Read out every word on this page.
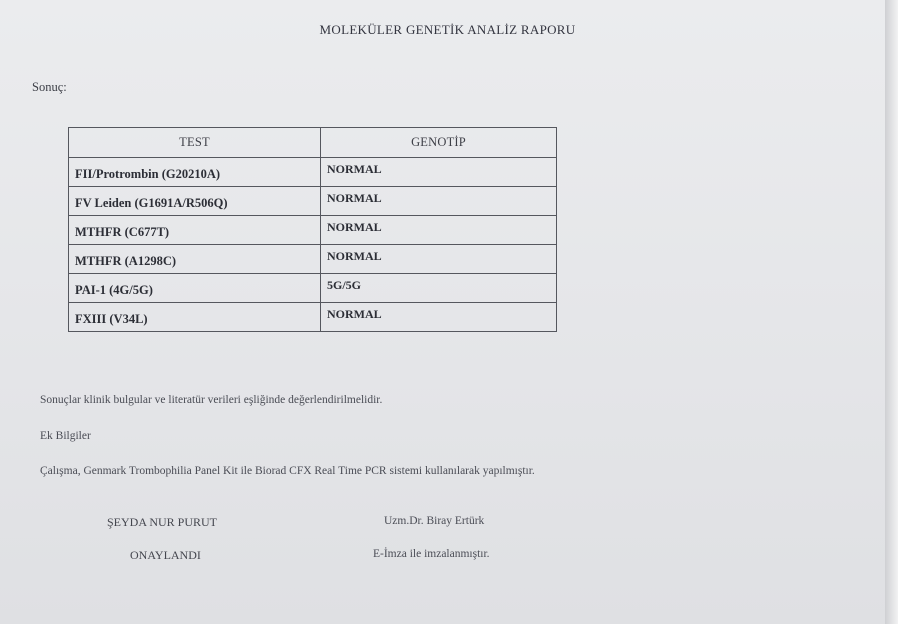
MOLEKÜLER GENETİK ANALİZ RAPORU
Sonuç:
TEST	GENOTİP
FII/Protrombin (G20210A)	NORMAL
FV Leiden (G1691A/R506Q)	NORMAL
MTHFR (C677T)	NORMAL
MTHFR (A1298C)	NORMAL
PAI-1 (4G/5G)	5G/5G
FXIII (V34L)	NORMAL
Sonuçlar klinik bulgular ve literatür verileri eşliğinde değerlendirilmelidir.
Ek Bilgiler
Çalışma, Genmark Trombophilia Panel Kit ile Biorad CFX Real Time PCR sistemi kullanılarak yapılmıştır.
ŞEYDA NUR PURUT
ONAYLANDI
Uzm.Dr. Biray Ertürk
E-İmza ile imzalanmıştır.
